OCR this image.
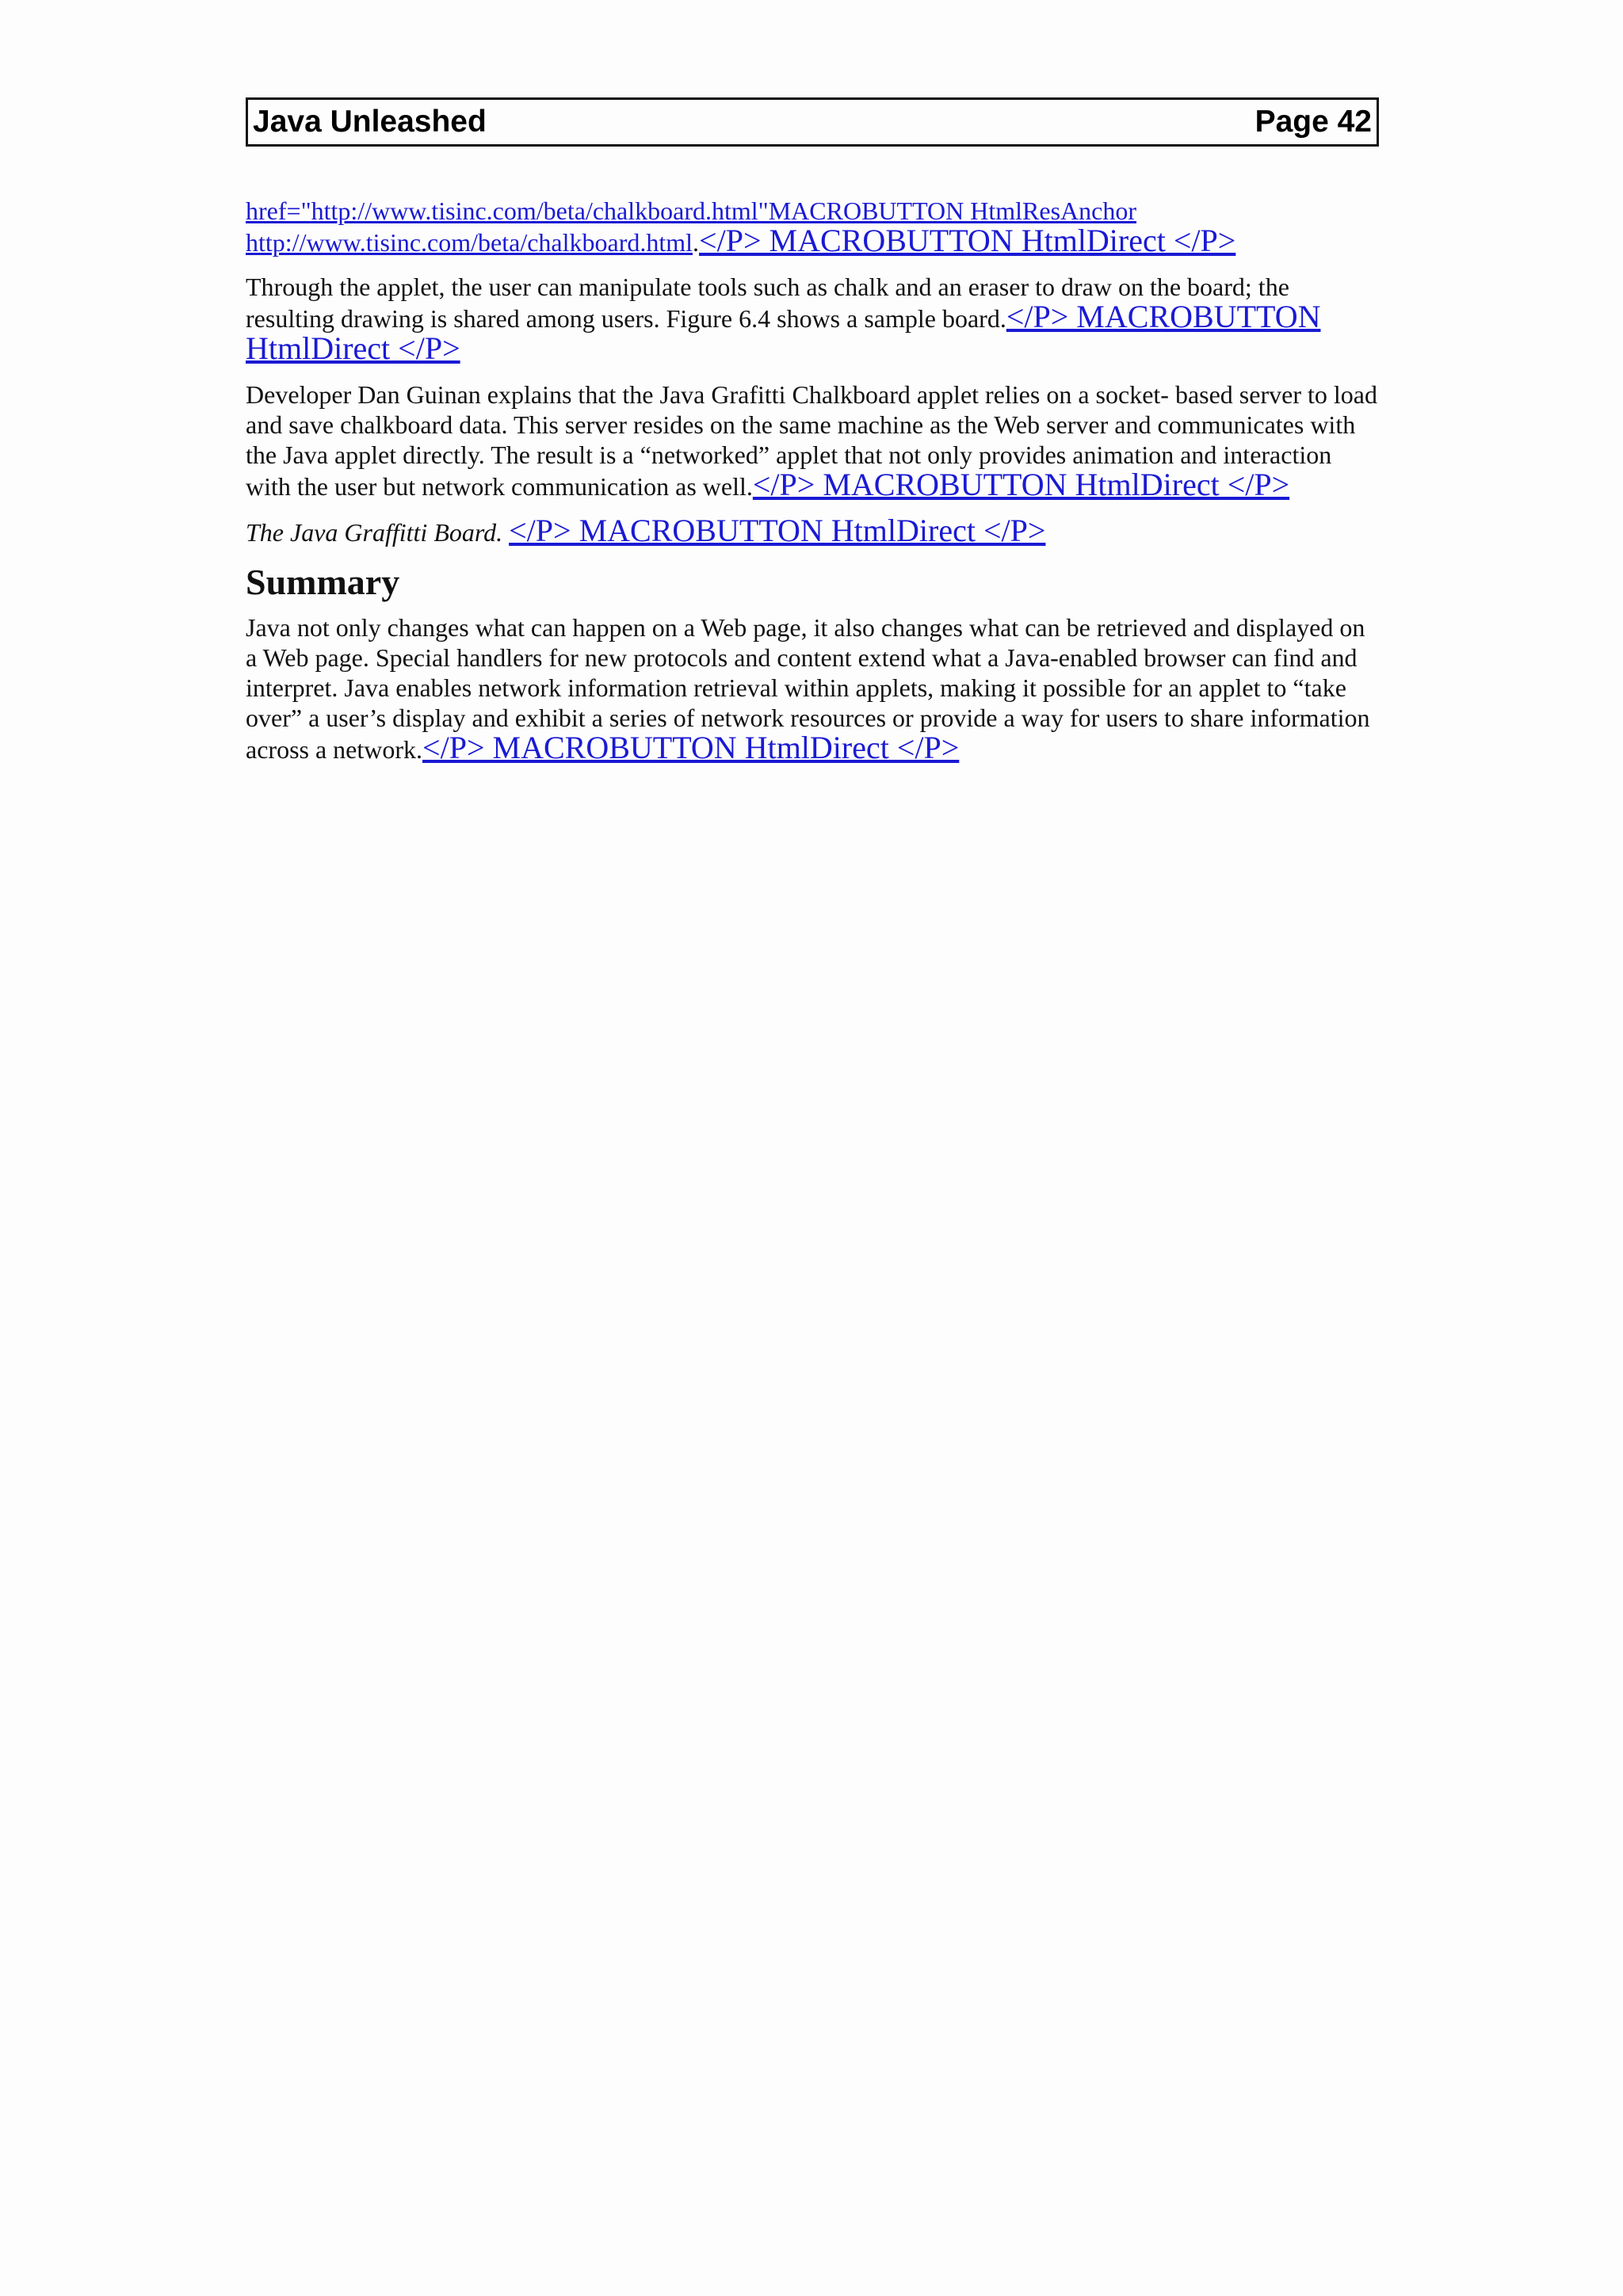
Java Unleashed	Page 42

href="http://www.tisinc.com/beta/chalkboard.html"MACROBUTTON HtmlResAnchor
http://www.tisinc.com/beta/chalkboard.html.</P> MACROBUTTON HtmlDirect </P>

Through the applet, the user can manipulate tools such as chalk and an eraser to draw on the board; the resulting drawing is shared among users. Figure 6.4 shows a sample board.</P> MACROBUTTON HtmlDirect </P>

Developer Dan Guinan explains that the Java Grafitti Chalkboard applet relies on a socket- based server to load and save chalkboard data. This server resides on the same machine as the Web server and communicates with the Java applet directly. The result is a “networked” applet that not only provides animation and interaction with the user but network communication as well.</P> MACROBUTTON HtmlDirect </P>

The Java Graffitti Board. </P> MACROBUTTON HtmlDirect </P>

Summary

Java not only changes what can happen on a Web page, it also changes what can be retrieved and displayed on a Web page. Special handlers for new protocols and content extend what a Java-enabled browser can find and interpret. Java enables network information retrieval within applets, making it possible for an applet to “take over” a user’s display and exhibit a series of network resources or provide a way for users to share information across a network.</P> MACROBUTTON HtmlDirect </P>
